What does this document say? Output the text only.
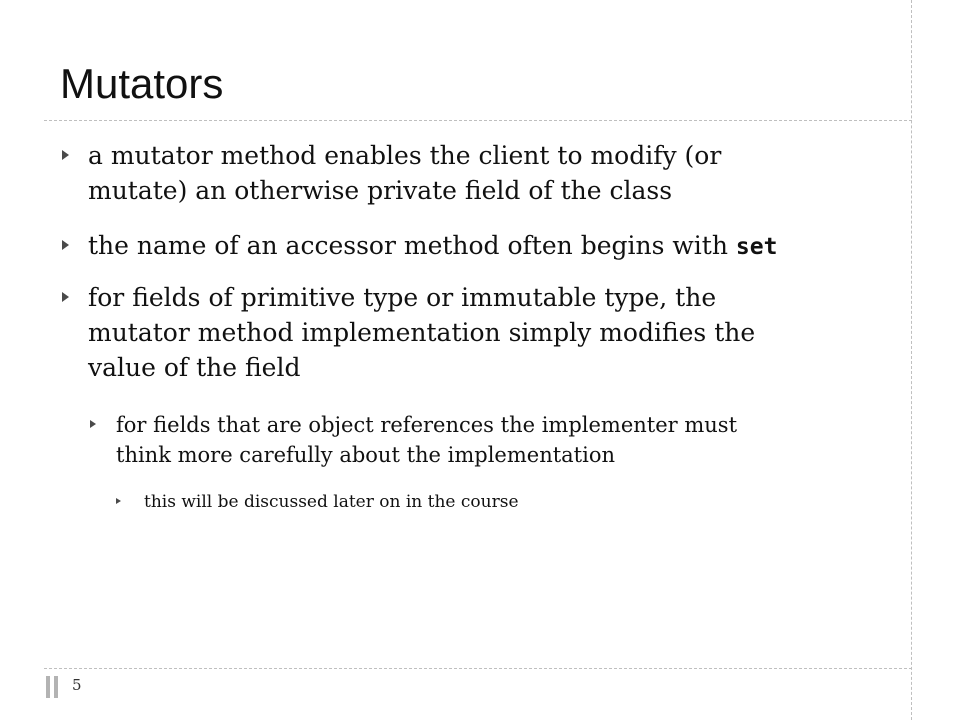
Mutators
a mutator method enables the client to modify (or
mutate) an otherwise private field of the class
the name of an accessor method often begins with set
for fields of primitive type or immutable type, the
mutator method implementation simply modifies the
value of the field
for fields that are object references the implementer must
think more carefully about the implementation
this will be discussed later on in the course
5
